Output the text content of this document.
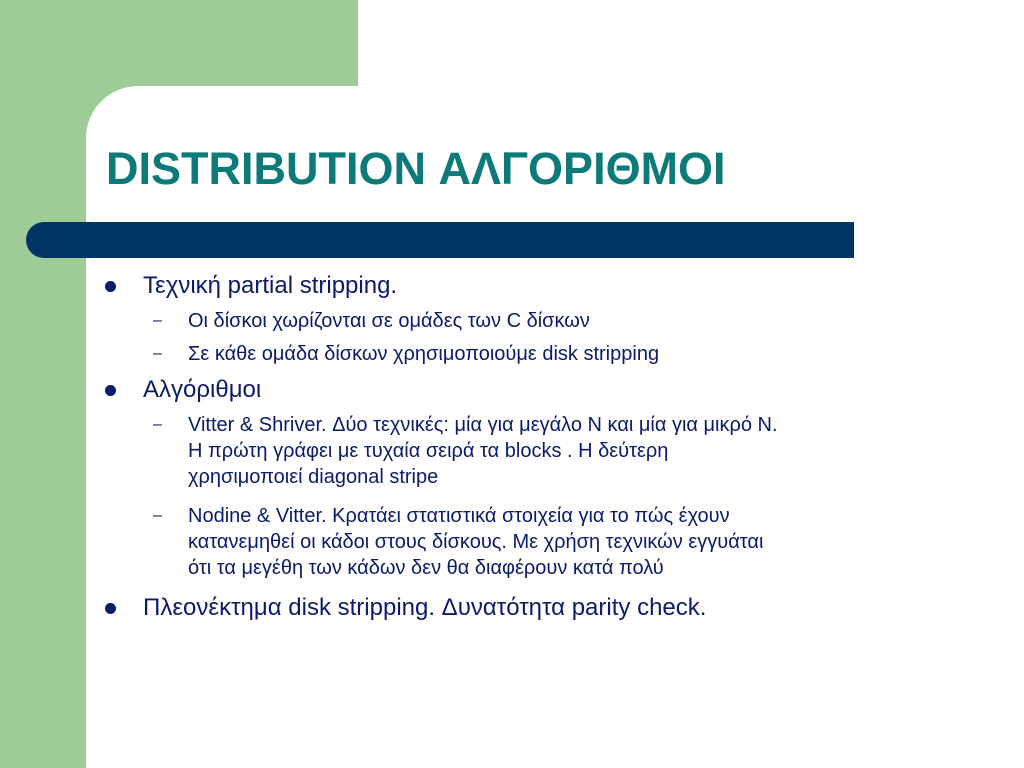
DISTRIBUTION ΑΛΓΟΡΙΘΜΟΙ
Τεχνική partial stripping.
– Οι δίσκοι χωρίζονται σε ομάδες των C δίσκων
– Σε κάθε ομάδα δίσκων χρησιμοποιούμε disk stripping
Αλγόριθμοι
– Vitter & Shriver. Δύο τεχνικές: μία για μεγάλο Ν και μία για μικρό Ν.
Η πρώτη γράφει με τυχαία σειρά τα blocks . Η δεύτερη
χρησιμοποιεί diagonal stripe
– Nodine & Vitter. Κρατάει στατιστικά στοιχεία για το πώς έχουν
κατανεμηθεί οι κάδοι στους δίσκους. Με χρήση τεχνικών εγγυάται
ότι τα μεγέθη των κάδων δεν θα διαφέρουν κατά πολύ
Πλεονέκτημα disk stripping. Δυνατότητα parity check.
